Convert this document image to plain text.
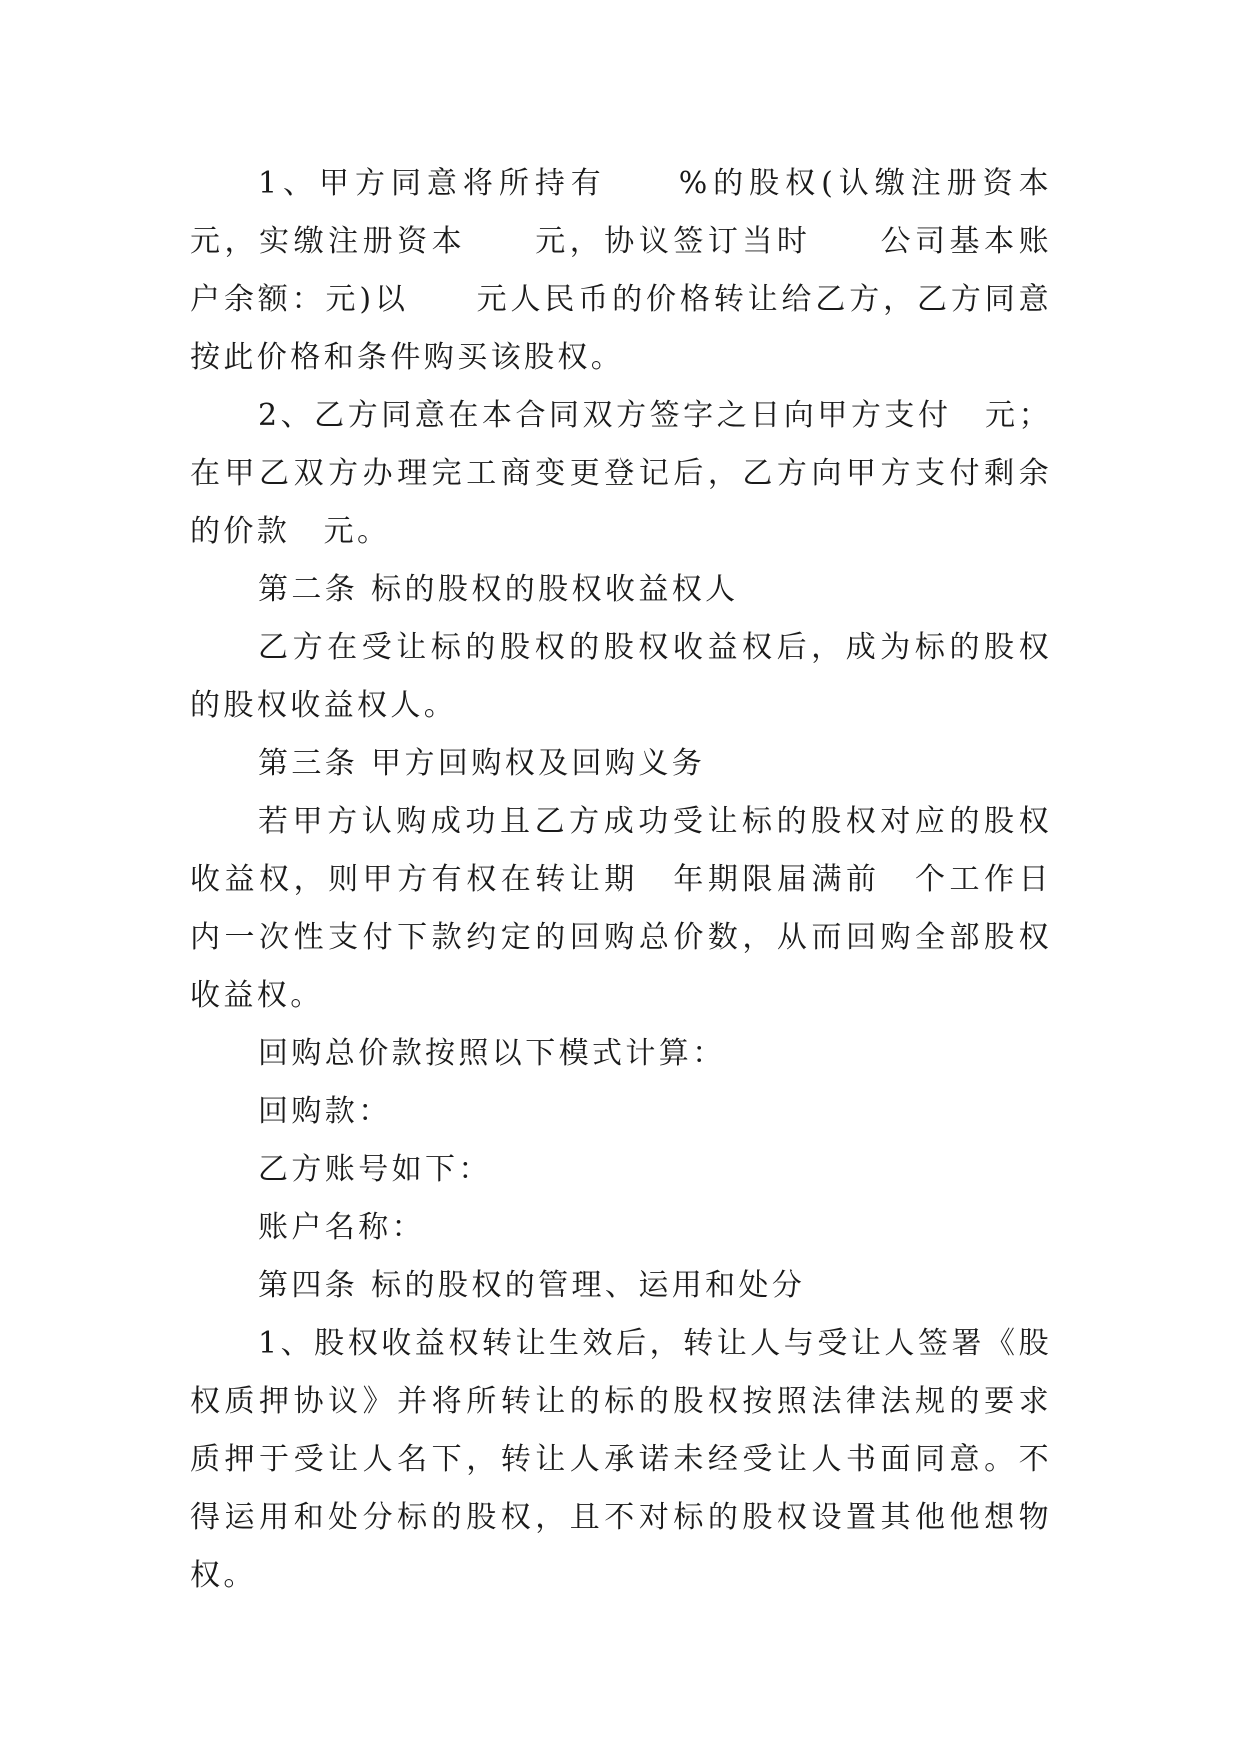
1、甲方同意将所持有　　%的股权(认缴注册资本　元，实缴注册资本　　元，协议签订当时　　公司基本账户余额：元)以　　元人民币的价格转让给乙方，乙方同意按此价格和条件购买该股权。

2、乙方同意在本合同双方签字之日向甲方支付　元；在甲乙双方办理完工商变更登记后，乙方向甲方支付剩余的价款　元。

第二条 标的股权的股权收益权人

乙方在受让标的股权的股权收益权后，成为标的股权的股权收益权人。

第三条 甲方回购权及回购义务

若甲方认购成功且乙方成功受让标的股权对应的股权收益权，则甲方有权在转让期　年期限届满前　个工作日内一次性支付下款约定的回购总价数，从而回购全部股权收益权。

回购总价款按照以下模式计算：

回购款：

乙方账号如下：

账户名称：

第四条 标的股权的管理、运用和处分

1、股权收益权转让生效后，转让人与受让人签署《股权质押协议》并将所转让的标的股权按照法律法规的要求质押于受让人名下，转让人承诺未经受让人书面同意。不得运用和处分标的股权，且不对标的股权设置其他他想物权。
